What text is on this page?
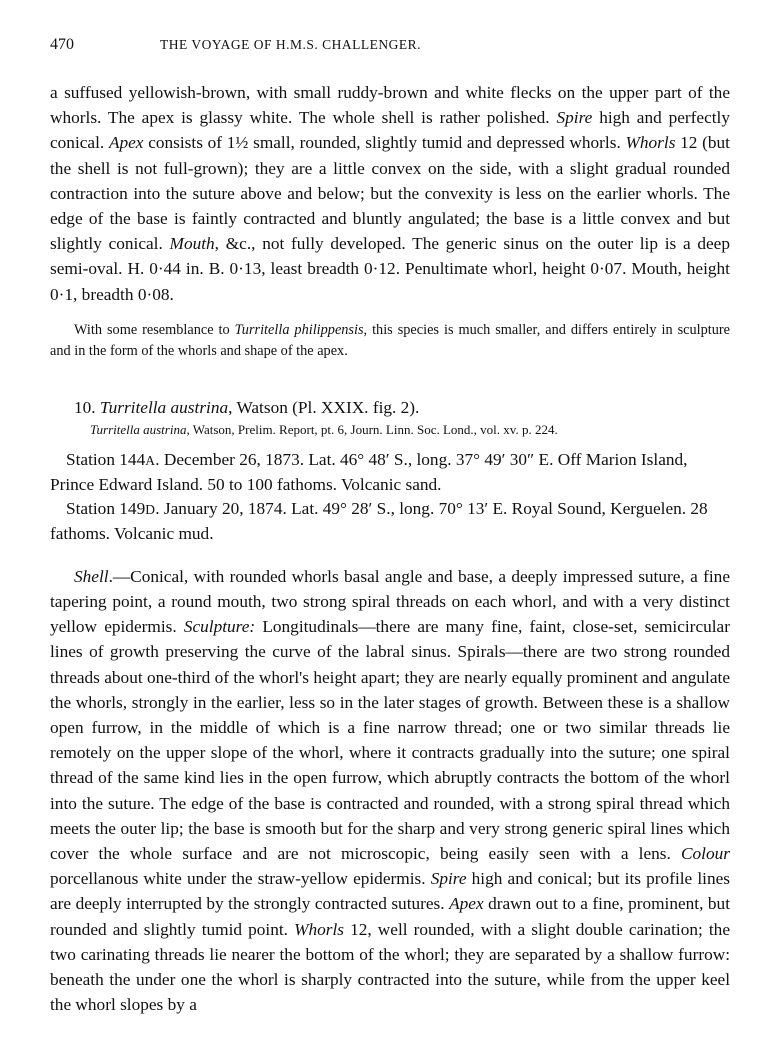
470	THE VOYAGE OF H.M.S. CHALLENGER.

a suffused yellowish-brown, with small ruddy-brown and white flecks on the upper part of the whorls. The apex is glassy white. The whole shell is rather polished. Spire high and perfectly conical. Apex consists of 1½ small, rounded, slightly tumid and depressed whorls. Whorls 12 (but the shell is not full-grown); they are a little convex on the side, with a slight gradual rounded contraction into the suture above and below; but the convexity is less on the earlier whorls. The edge of the base is faintly contracted and bluntly angulated; the base is a little convex and but slightly conical. Mouth, &c., not fully developed. The generic sinus on the outer lip is a deep semi-oval. H. 0·44 in. B. 0·13, least breadth 0·12. Penultimate whorl, height 0·07. Mouth, height 0·1, breadth 0·08.

With some resemblance to Turritella philippensis, this species is much smaller, and differs entirely in sculpture and in the form of the whorls and shape of the apex.

10. Turritella austrina, Watson (Pl. XXIX. fig. 2).

Turritella austrina, Watson, Prelim. Report, pt. 6, Journ. Linn. Soc. Lond., vol. xv. p. 224.

Station 144A. December 26, 1873. Lat. 46° 48′ S., long. 37° 49′ 30″ E. Off Marion Island, Prince Edward Island. 50 to 100 fathoms. Volcanic sand.

Station 149D. January 20, 1874. Lat. 49° 28′ S., long. 70° 13′ E. Royal Sound, Kerguelen. 28 fathoms. Volcanic mud.

Shell.—Conical, with rounded whorls basal angle and base, a deeply impressed suture, a fine tapering point, a round mouth, two strong spiral threads on each whorl, and with a very distinct yellow epidermis. Sculpture: Longitudinals—there are many fine, faint, close-set, semicircular lines of growth preserving the curve of the labral sinus. Spirals—there are two strong rounded threads about one-third of the whorl's height apart; they are nearly equally prominent and angulate the whorls, strongly in the earlier, less so in the later stages of growth. Between these is a shallow open furrow, in the middle of which is a fine narrow thread; one or two similar threads lie remotely on the upper slope of the whorl, where it contracts gradually into the suture; one spiral thread of the same kind lies in the open furrow, which abruptly contracts the bottom of the whorl into the suture. The edge of the base is contracted and rounded, with a strong spiral thread which meets the outer lip; the base is smooth but for the sharp and very strong generic spiral lines which cover the whole surface and are not microscopic, being easily seen with a lens. Colour porcellanous white under the straw-yellow epidermis. Spire high and conical; but its profile lines are deeply interrupted by the strongly contracted sutures. Apex drawn out to a fine, prominent, but rounded and slightly tumid point. Whorls 12, well rounded, with a slight double carination; the two carinating threads lie nearer the bottom of the whorl; they are separated by a shallow furrow: beneath the under one the whorl is sharply contracted into the suture, while from the upper keel the whorl slopes by a
